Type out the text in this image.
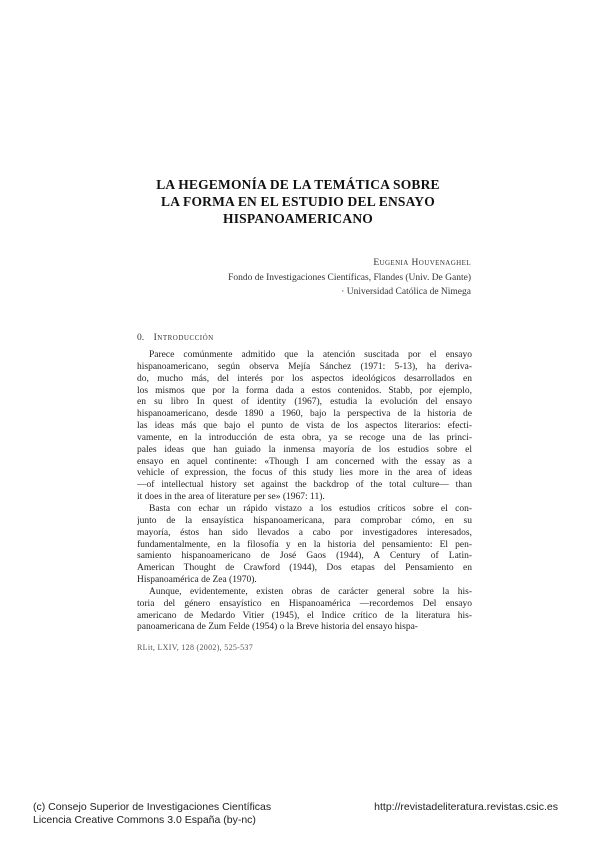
LA HEGEMONÍA DE LA TEMÁTICA SOBRE
LA FORMA EN EL ESTUDIO DEL ENSAYO
HISPANOAMERICANO
Eugenia Houvenaghel
Fondo de Investigaciones Científicas, Flandes (Univ. De Gante)
· Universidad Católica de Nimega
0. Introducción
Parece comúnmente admitido que la atención suscitada por el ensayo
hispanoamericano, según observa Mejía Sánchez (1971: 5-13), ha deriva-
do, mucho más, del interés por los aspectos ideológicos desarrollados en
los mismos que por la forma dada a estos contenidos. Stabb, por ejemplo,
en su libro In quest of identity (1967), estudia la evolución del ensayo
hispanoamericano, desde 1890 a 1960, bajo la perspectiva de la historia de
las ideas más que bajo el punto de vista de los aspectos literarios: efecti-
vamente, en la introducción de esta obra, ya se recoge una de las princi-
pales ideas que han guiado la inmensa mayoría de los estudios sobre el
ensayo en aquel continente: «Though I am concerned with the essay as a
vehicle of expression, the focus of this study lies more in the area of ideas
—of intellectual history set against the backdrop of the total culture— than
it does in the area of literature per se» (1967: 11).
Basta con echar un rápido vistazo a los estudios críticos sobre el con-
junto de la ensayística hispanoamericana, para comprobar cómo, en su
mayoría, éstos han sido llevados a cabo por investigadores interesados,
fundamentalmente, en la filosofía y en la historia del pensamiento: El pen-
samiento hispanoamericano de José Gaos (1944), A Century of Latin-
American Thought de Crawford (1944), Dos etapas del Pensamiento en
Hispanoamérica de Zea (1970).
Aunque, evidentemente, existen obras de carácter general sobre la his-
toria del género ensayístico en Hispanoamérica —recordemos Del ensayo
americano de Medardo Vitier (1945), el Índice crítico de la literatura his-
panoamericana de Zum Felde (1954) o la Breve historia del ensayo hispa-
RLit, LXIV, 128 (2002), 525-537
(c) Consejo Superior de Investigaciones Científicas
Licencia Creative Commons 3.0 España (by-nc)
http://revistadeliteratura.revistas.csic.es
